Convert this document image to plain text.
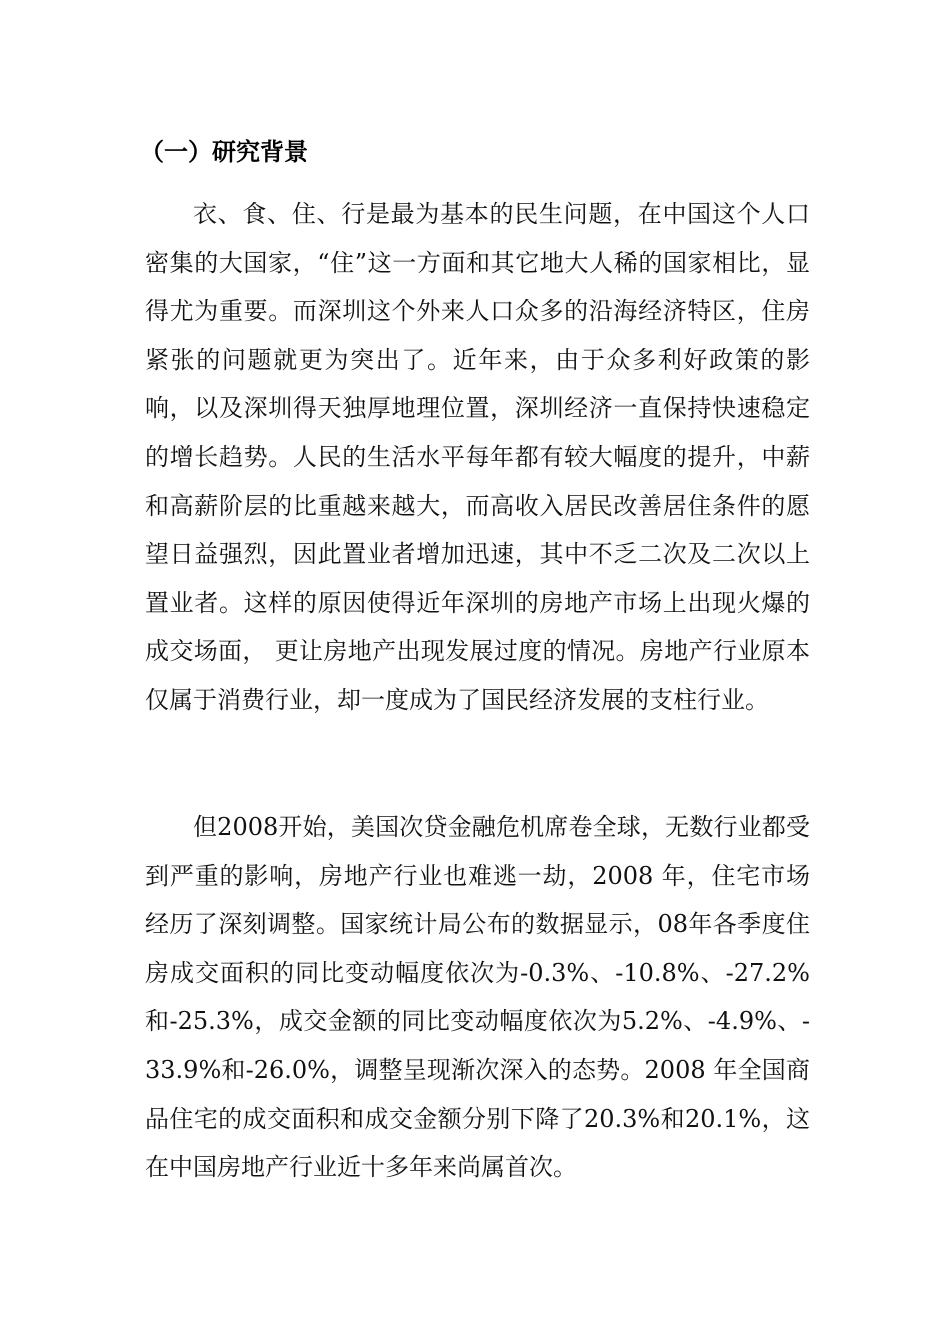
（一）研究背景

衣、食、住、行是最为基本的民生问题，在中国这个人口密集的大国家，“住”这一方面和其它地大人稀的国家相比，显得尤为重要。而深圳这个外来人口众多的沿海经济特区，住房紧张的问题就更为突出了。近年来，由于众多利好政策的影响，以及深圳得天独厚地理位置，深圳经济一直保持快速稳定的增长趋势。人民的生活水平每年都有较大幅度的提升，中薪和高薪阶层的比重越来越大，而高收入居民改善居住条件的愿望日益强烈，因此置业者增加迅速，其中不乏二次及二次以上置业者。这样的原因使得近年深圳的房地产市场上出现火爆的成交场面， 更让房地产出现发展过度的情况。房地产行业原本仅属于消费行业，却一度成为了国民经济发展的支柱行业。

但2008开始，美国次贷金融危机席卷全球，无数行业都受到严重的影响，房地产行业也难逃一劫，2008 年，住宅市场经历了深刻调整。国家统计局公布的数据显示，08年各季度住房成交面积的同比变动幅度依次为-0.3%、-10.8%、-27.2%和-25.3%，成交金额的同比变动幅度依次为5.2%、-4.9%、-33.9%和-26.0%，调整呈现渐次深入的态势。2008 年全国商品住宅的成交面积和成交金额分别下降了20.3%和20.1%，这在中国房地产行业近十多年来尚属首次。
